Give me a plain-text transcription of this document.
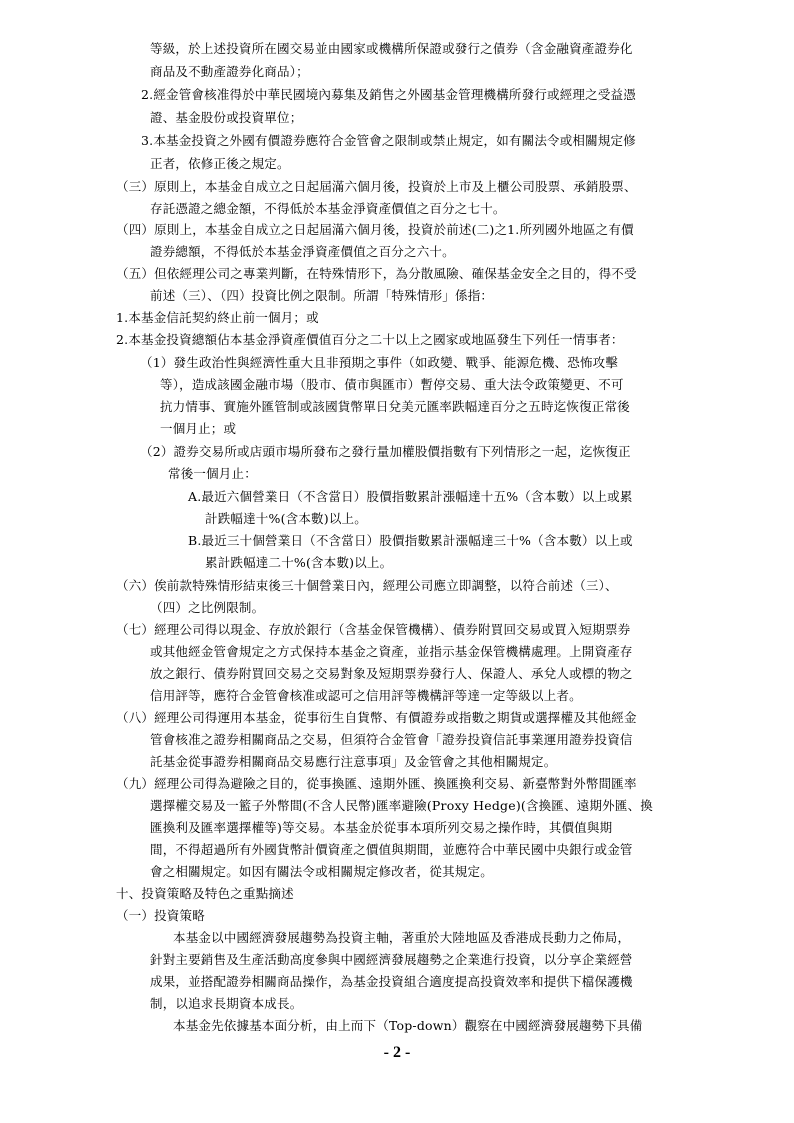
等級，於上述投資所在國交易並由國家或機構所保證或發行之債券（含金融資產證券化
商品及不動產證券化商品）；
2.經金管會核准得於中華民國境內募集及銷售之外國基金管理機構所發行或經理之受益憑
證、基金股份或投資單位；
3.本基金投資之外國有價證券應符合金管會之限制或禁止規定，如有關法令或相關規定修
正者，依修正後之規定。
（三）原則上，本基金自成立之日起屆滿六個月後，投資於上市及上櫃公司股票、承銷股票、
存託憑證之總金額，不得低於本基金淨資產價值之百分之七十。
（四）原則上，本基金自成立之日起屆滿六個月後，投資於前述(二)之1.所列國外地區之有價
證券總額，不得低於本基金淨資產價值之百分之六十。
（五）但依經理公司之專業判斷，在特殊情形下，為分散風險、確保基金安全之目的，得不受
前述（三）、（四）投資比例之限制。所謂「特殊情形」係指：
1.本基金信託契約終止前一個月；或
2.本基金投資總額佔本基金淨資產價值百分之二十以上之國家或地區發生下列任一情事者：
（1）發生政治性與經濟性重大且非預期之事件（如政變、戰爭、能源危機、恐怖攻擊
等），造成該國金融市場（股市、債市與匯市）暫停交易、重大法令政策變更、不可
抗力情事、實施外匯管制或該國貨幣單日兌美元匯率跌幅達百分之五時迄恢復正常後
一個月止；或
（2）證券交易所或店頭市場所發布之發行量加權股價指數有下列情形之一起，迄恢復正
常後一個月止：
A.最近六個營業日（不含當日）股價指數累計漲幅達十五%（含本數）以上或累
計跌幅達十%(含本數)以上。
B.最近三十個營業日（不含當日）股價指數累計漲幅達三十%（含本數）以上或
累計跌幅達二十%(含本數)以上。
（六）俟前款特殊情形結束後三十個營業日內，經理公司應立即調整，以符合前述（三）、
（四）之比例限制。
（七）經理公司得以現金、存放於銀行（含基金保管機構）、債券附買回交易或買入短期票券
或其他經金管會規定之方式保持本基金之資產，並指示基金保管機構處理。上開資產存
放之銀行、債券附買回交易之交易對象及短期票券發行人、保證人、承兌人或標的物之
信用評等，應符合金管會核准或認可之信用評等機構評等達一定等級以上者。
（八）經理公司得運用本基金，從事衍生自貨幣、有價證券或指數之期貨或選擇權及其他經金
管會核准之證券相關商品之交易，但須符合金管會「證券投資信託事業運用證券投資信
託基金從事證券相關商品交易應行注意事項」及金管會之其他相關規定。
（九）經理公司得為避險之目的，從事換匯、遠期外匯、換匯換利交易、新臺幣對外幣間匯率
選擇權交易及一籃子外幣間(不含人民幣)匯率避險(Proxy Hedge)(含換匯、遠期外匯、換
匯換利及匯率選擇權等)等交易。本基金於從事本項所列交易之操作時，其價值與期
間，不得超過所有外國貨幣計價資產之價值與期間，並應符合中華民國中央銀行或金管
會之相關規定。如因有關法令或相關規定修改者，從其規定。
十、投資策略及特色之重點摘述
（一）投資策略
本基金以中國經濟發展趨勢為投資主軸，著重於大陸地區及香港成長動力之佈局，
針對主要銷售及生產活動高度參與中國經濟發展趨勢之企業進行投資，以分享企業經營
成果，並搭配證券相關商品操作，為基金投資組合適度提高投資效率和提供下檔保護機
制，以追求長期資本成長。
本基金先依據基本面分析，由上而下（Top-down）觀察在中國經濟發展趨勢下具備
- 2 -
